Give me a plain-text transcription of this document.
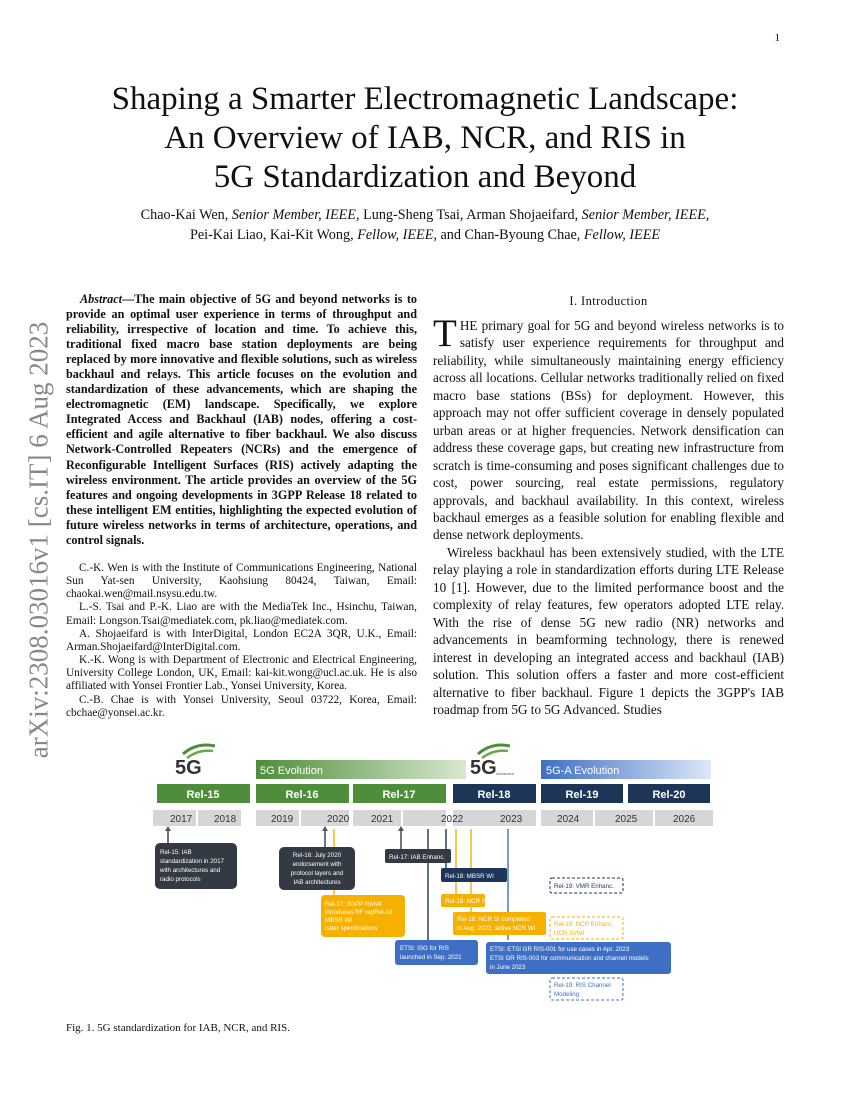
1
arXiv:2308.03016v1 [cs.IT] 6 Aug 2023
Shaping a Smarter Electromagnetic Landscape:
An Overview of IAB, NCR, and RIS in
5G Standardization and Beyond
Chao-Kai Wen, Senior Member, IEEE, Lung-Sheng Tsai, Arman Shojaeifard, Senior Member, IEEE,
Pei-Kai Liao, Kai-Kit Wong, Fellow, IEEE, and Chan-Byoung Chae, Fellow, IEEE
Abstract—The main objective of 5G and beyond networks is to provide an optimal user experience in terms of throughput and reliability, irrespective of location and time. To achieve this, traditional fixed macro base station deployments are being replaced by more innovative and flexible solutions, such as wireless backhaul and relays. This article focuses on the evolution and standardization of these advancements, which are shaping the electromagnetic (EM) landscape. Specifically, we explore Integrated Access and Backhaul (IAB) nodes, offering a cost-efficient and agile alternative to fiber backhaul. We also discuss Network-Controlled Repeaters (NCRs) and the emergence of Reconfigurable Intelligent Surfaces (RIS) actively adapting the wireless environment. The article provides an overview of the 5G features and ongoing developments in 3GPP Release 18 related to these intelligent EM entities, highlighting the expected evolution of future wireless networks in terms of architecture, operations, and control signals.

C.-K. Wen is with the Institute of Communications Engineering, National Sun Yat-sen University, Kaohsiung 80424, Taiwan, Email: chaokai.wen@mail.nsysu.edu.tw.

L.-S. Tsai and P.-K. Liao are with the MediaTek Inc., Hsinchu, Taiwan, Email: Longson.Tsai@mediatek.com, pk.liao@mediatek.com.

A. Shojaeifard is with InterDigital, London EC2A 3QR, U.K., Email: Arman.Shojaeifard@InterDigital.com.

K.-K. Wong is with Department of Electronic and Electrical Engineering, University College London, UK, Email: kai-kit.wong@ucl.ac.uk. He is also affiliated with Yonsei Frontier Lab., Yonsei University, Korea.

C.-B. Chae is with Yonsei University, Seoul 03722, Korea, Email: cbchae@yonsei.ac.kr.

I. Introduction

THE primary goal for 5G and beyond wireless networks is to satisfy user experience requirements for throughput and reliability, while simultaneously maintaining energy efficiency across all locations. Cellular networks traditionally relied on fixed macro base stations (BSs) for deployment. However, this approach may not offer sufficient coverage in densely populated urban areas or at higher frequencies. Network densification can address these coverage gaps, but creating new infrastructure from scratch is time-consuming and poses significant challenges due to cost, power sourcing, real estate permissions, regulatory approvals, and backhaul availability. In this context, wireless backhaul emerges as a feasible solution for enabling flexible and dense network deployments.

Wireless backhaul has been extensively studied, with the LTE relay playing a role in standardization efforts during LTE Release 10 [1]. However, due to the limited performance boost and the complexity of relay features, few operators adopted LTE relay. With the rise of dense 5G new radio (NR) networks and advancements in beamforming technology, there is renewed interest in developing an integrated access and backhaul (IAB) solution. This solution offers a faster and more cost-efficient alternative to fiber backhaul. Figure 1 depicts the 3GPP's IAB roadmap from 5G to 5G Advanced. Studies

5G	5G Advanced
5G Evolution	5G-A Evolution
Rel-15	Rel-16	Rel-17	Rel-18	Rel-19	Rel-20
2017 2018	2019	2020 2021	2022	2023	2024	2025	2026
Rel-15: IAB
standardization in 2017
with architectures and
radio protocols
Rel-16: July 2020
endorsement with
protocol layers and
IAB architectures
Rel-17: IAB Enhanc.
Rel-18: MBSR WI
Rel-19: VMR Enhanc.
Rel-17: 3GPP RAN4
introduces RF repRel-18
MBSR WI
cater specifications
Rel-18: NCR SI
Rel-18: NCR SI completed
in Aug. 2022, active NCR WI
Rel-19: NCR Enhanc.
UCR SI/WI
ETSI: ISG for RIS
launched in Sep. 2021
ETSI: ETSI GR RIS-001 for use cases in Apr. 2023
ETSI GR RIS-003 for communication and channel models
in June 2023
Rel-19: RIS Channel
Modeling
Fig. 1. 5G standardization for IAB, NCR, and RIS.
